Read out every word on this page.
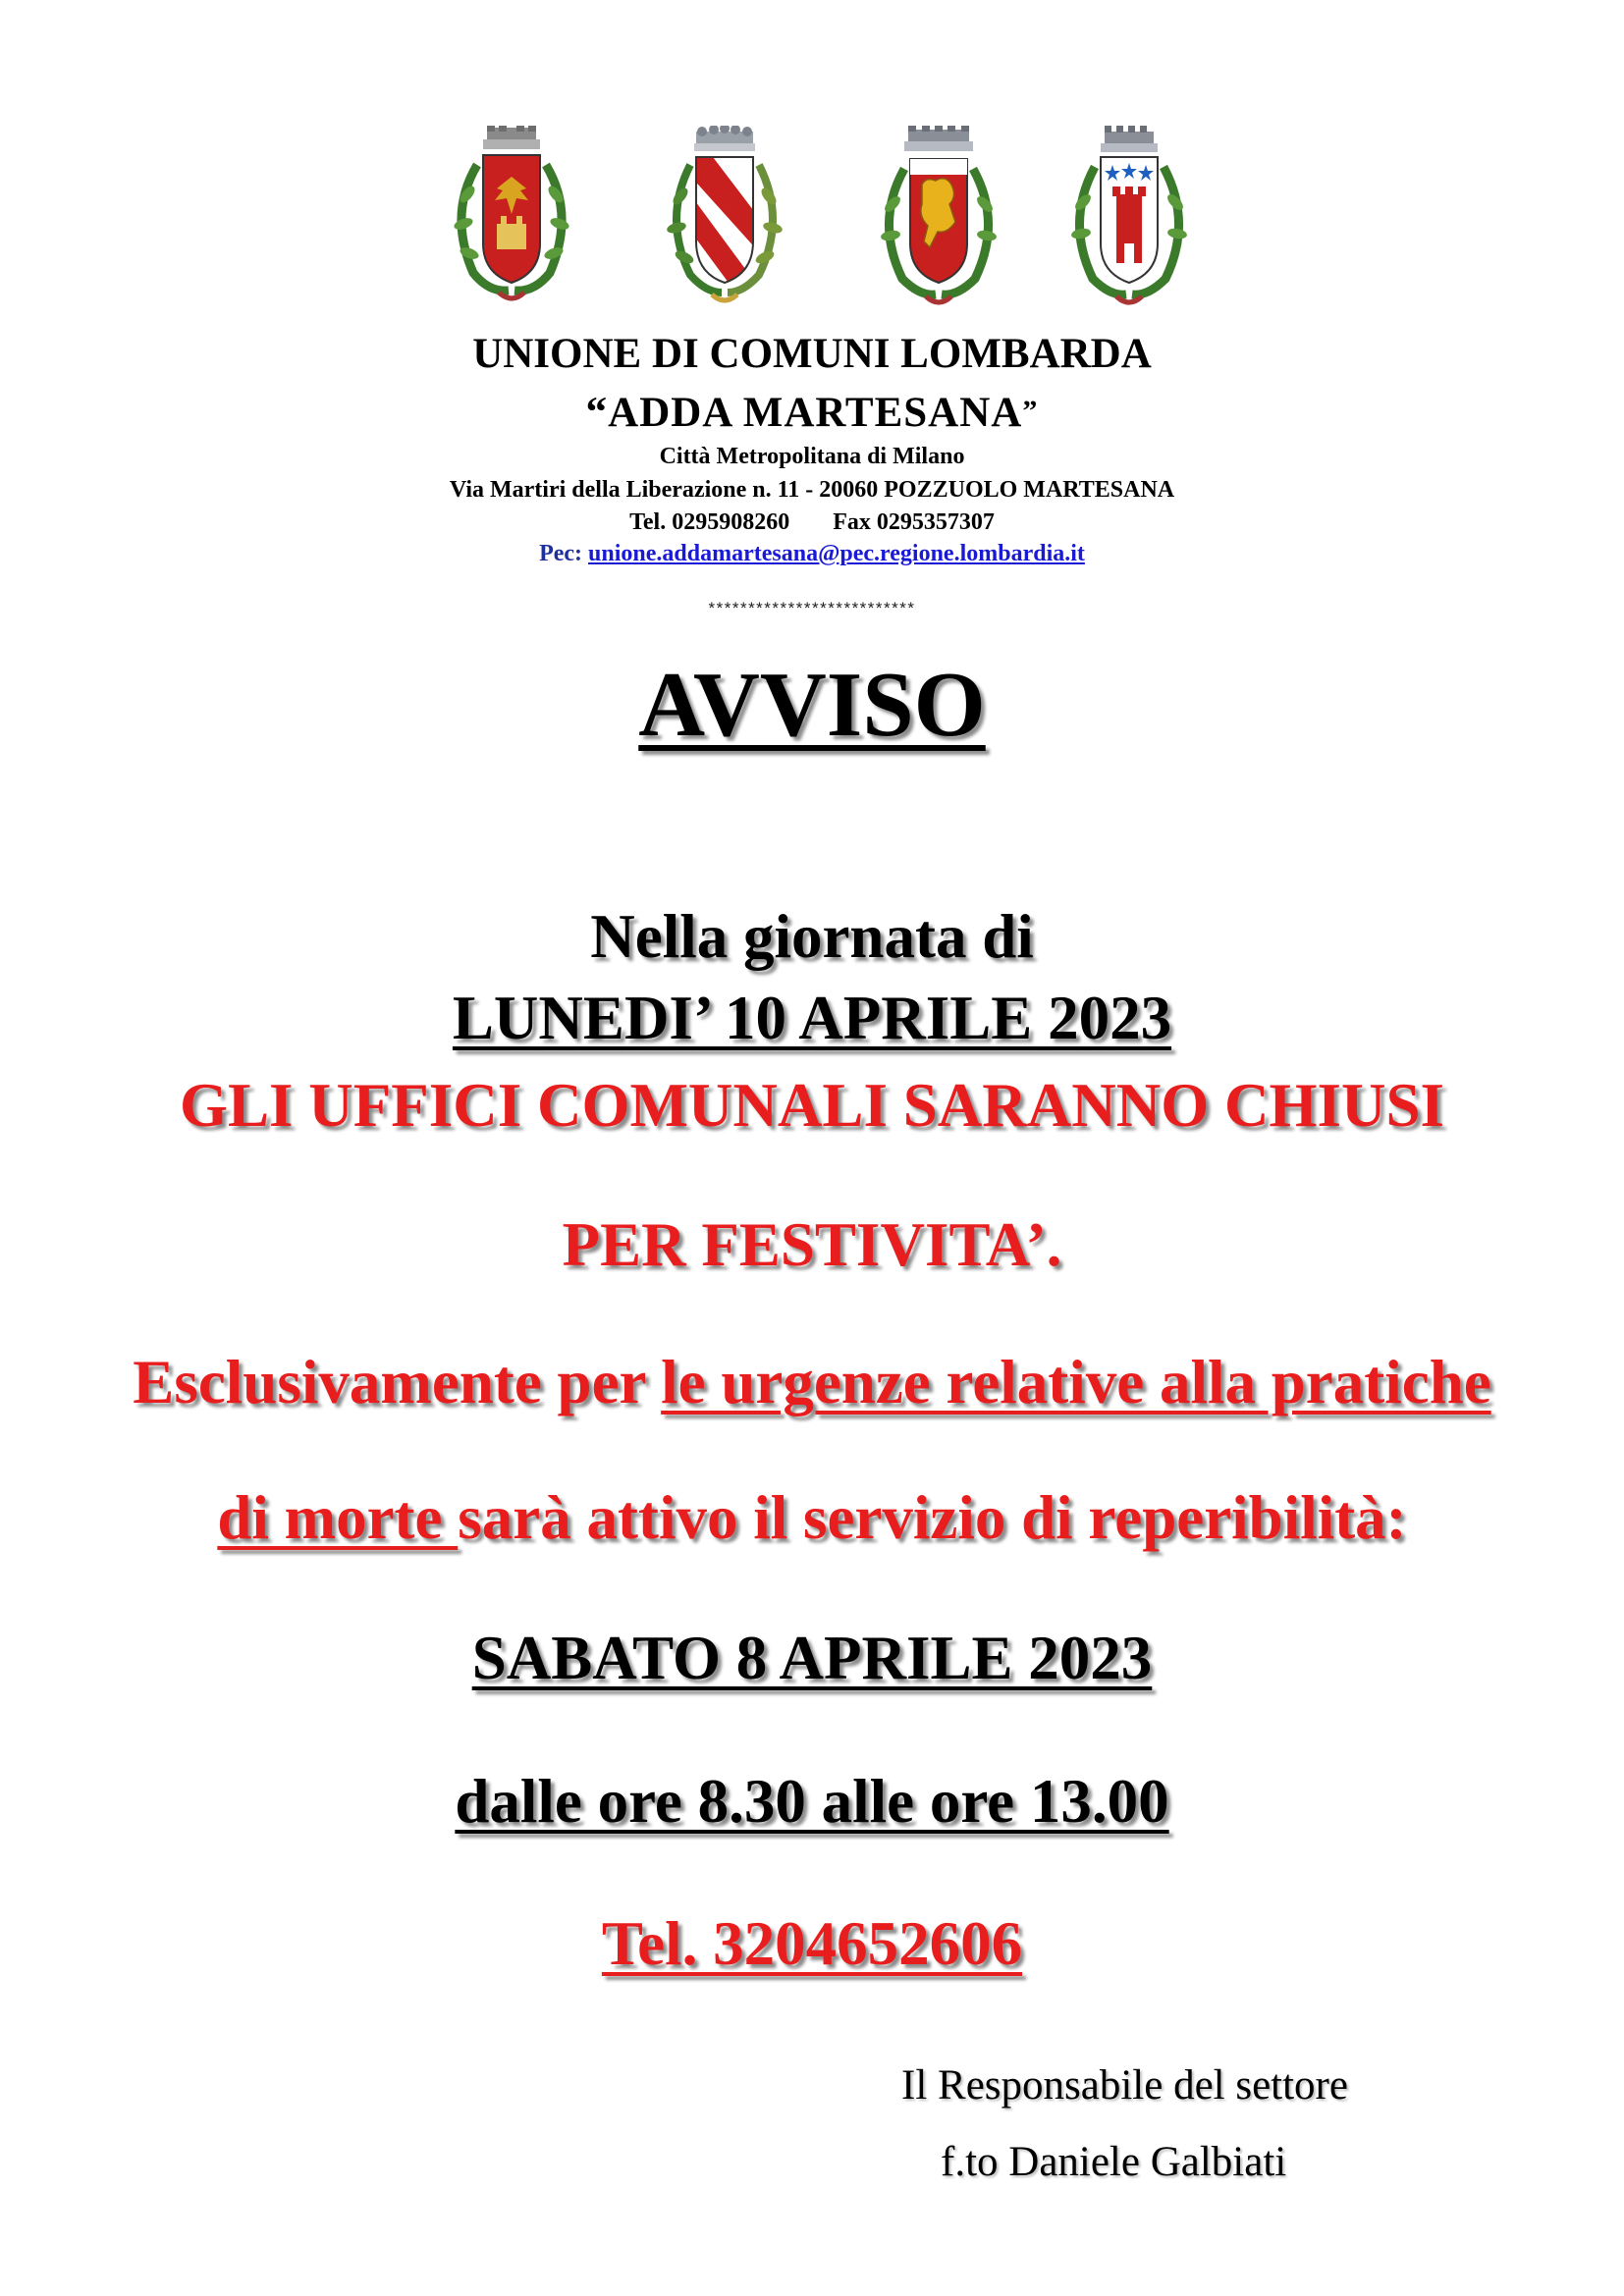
UNIONE DI COMUNI LOMBARDA
“ADDA MARTESANA”
Città Metropolitana di Milano
Via Martiri della Liberazione n. 11 - 20060 POZZUOLO MARTESANA
Tel. 0295908260 Fax 0295357307
Pec: unione.addamartesana@pec.regione.lombardia.it
**************************
AVVISO
Nella giornata di
LUNEDI’ 10 APRILE 2023
GLI UFFICI COMUNALI SARANNO CHIUSI
PER FESTIVITA’.
Esclusivamente per le urgenze relative alla pratiche
di morte sarà attivo il servizio di reperibilità:
SABATO 8 APRILE 2023
dalle ore 8.30 alle ore 13.00
Tel. 3204652606
Il Responsabile del settore
f.to Daniele Galbiati
